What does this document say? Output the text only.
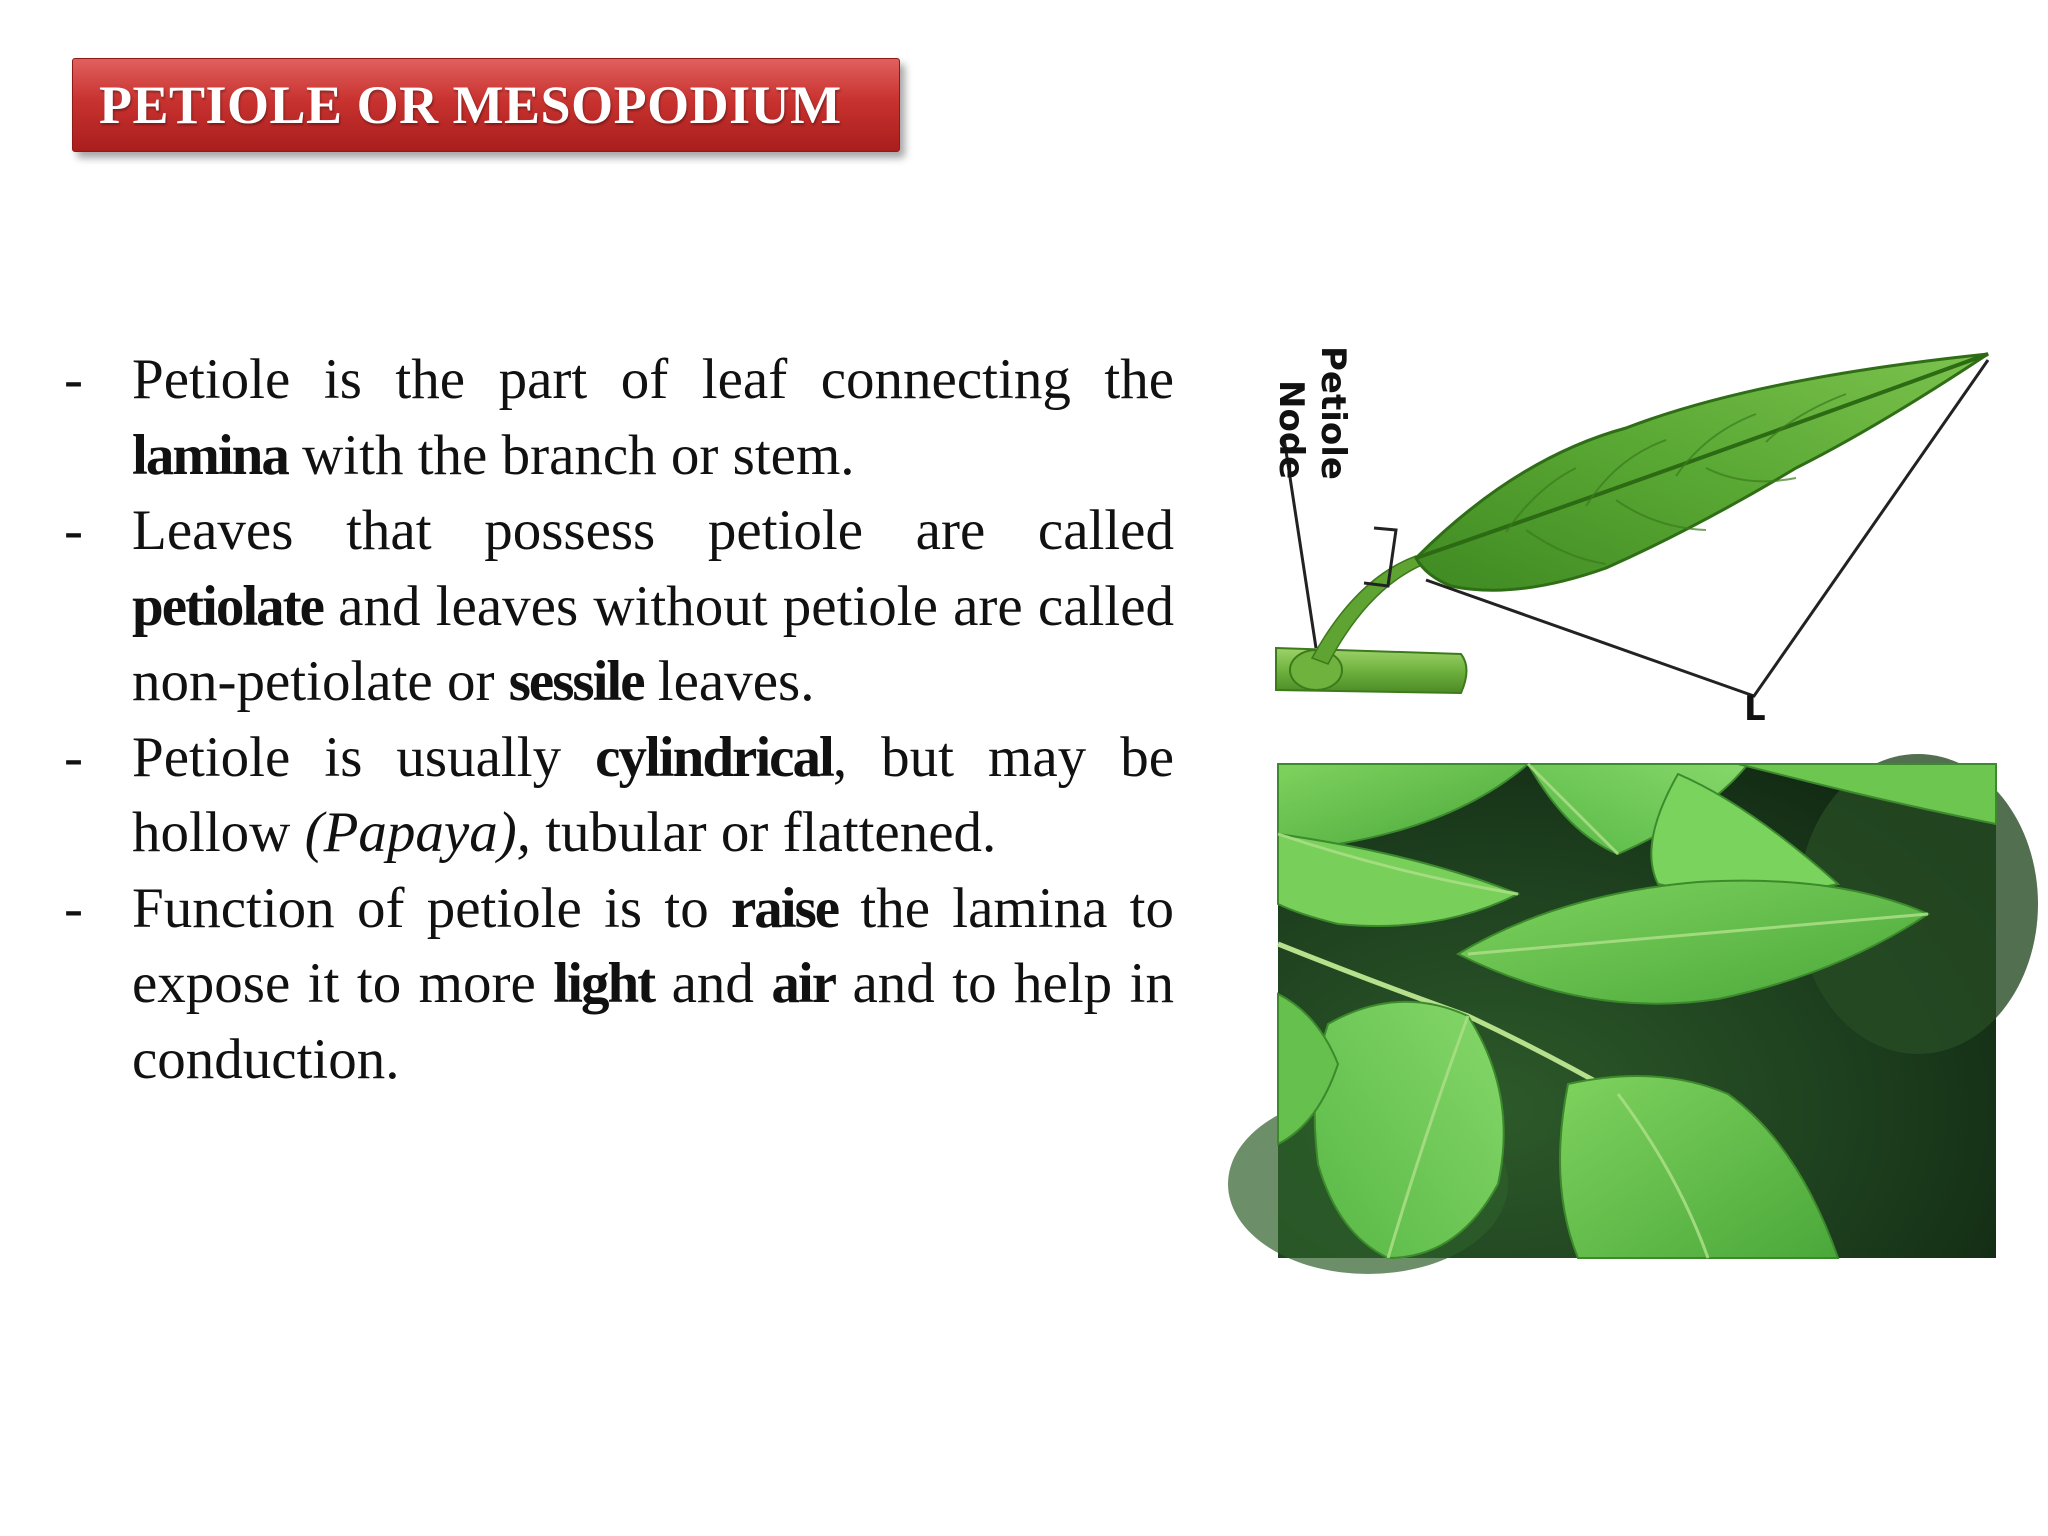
PETIOLE OR MESOPODIUM
- Petiole is the part of leaf connecting the lamina with the branch or stem.
- Leaves that possess petiole are called petiolate and leaves without petiole are called non-petiolate or sessile leaves.
- Petiole is usually cylindrical, but may be hollow (Papaya), tubular or flattened.
- Function of petiole is to raise the lamina to expose it to more light and air and to help in conduction.
Petiole
Node
L
